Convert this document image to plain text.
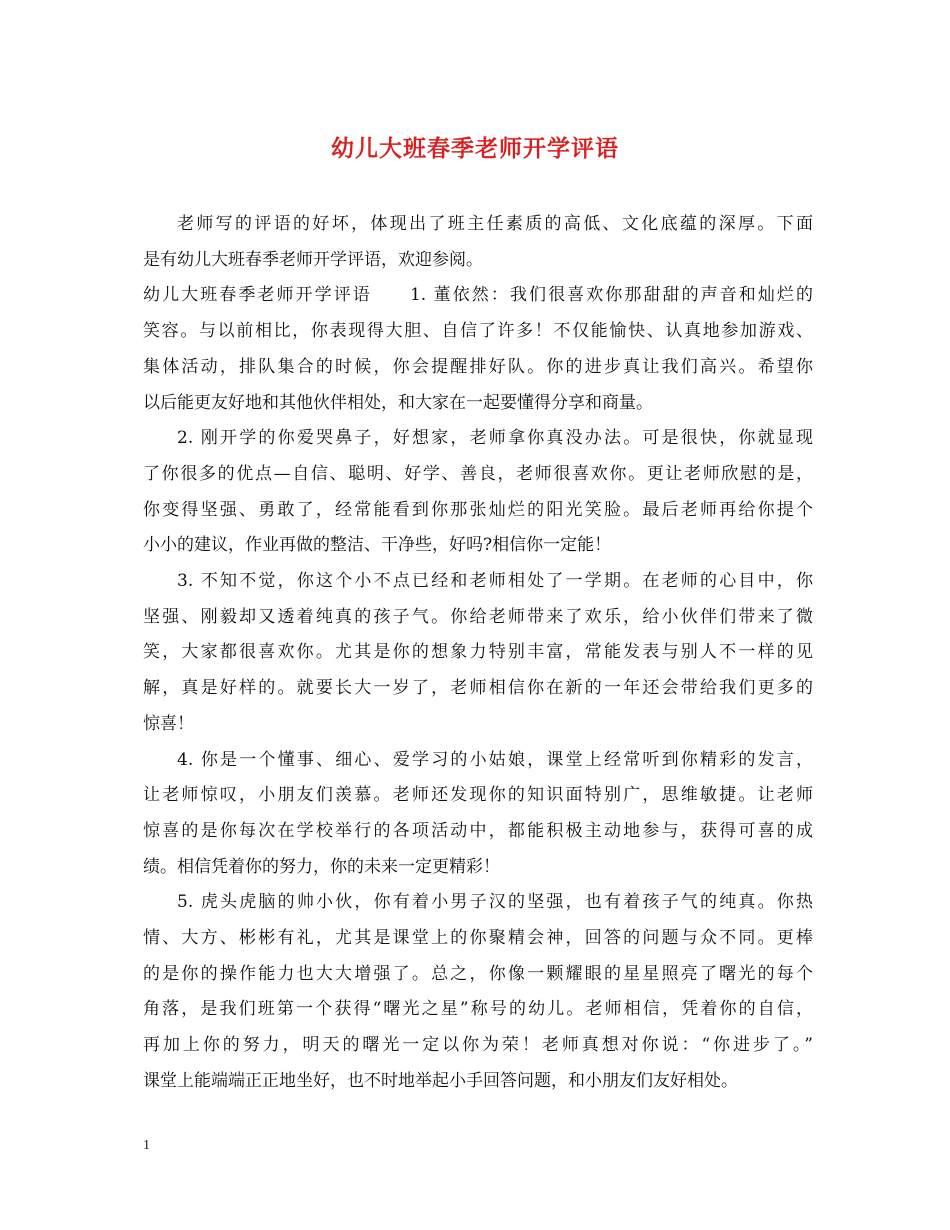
幼儿大班春季老师开学评语

老师写的评语的好坏，体现出了班主任素质的高低、文化底蕴的深厚。下面
是有幼儿大班春季老师开学评语，欢迎参阅。

幼儿大班春季老师开学评语　　1. 董依然：我们很喜欢你那甜甜的声音和灿烂的
笑容。与以前相比，你表现得大胆、自信了许多！不仅能愉快、认真地参加游戏、
集体活动，排队集合的时候，你会提醒排好队。你的进步真让我们高兴。希望你
以后能更友好地和其他伙伴相处，和大家在一起要懂得分享和商量。

2. 刚开学的你爱哭鼻子，好想家，老师拿你真没办法。可是很快，你就显现
了你很多的优点—自信、聪明、好学、善良，老师很喜欢你。更让老师欣慰的是，
你变得坚强、勇敢了，经常能看到你那张灿烂的阳光笑脸。最后老师再给你提个
小小的建议，作业再做的整洁、干净些，好吗?相信你一定能！

3. 不知不觉，你这个小不点已经和老师相处了一学期。在老师的心目中，你
坚强、刚毅却又透着纯真的孩子气。你给老师带来了欢乐，给小伙伴们带来了微
笑，大家都很喜欢你。尤其是你的想象力特别丰富，常能发表与别人不一样的见
解，真是好样的。就要长大一岁了，老师相信你在新的一年还会带给我们更多的
惊喜！

4. 你是一个懂事、细心、爱学习的小姑娘，课堂上经常听到你精彩的发言，
让老师惊叹，小朋友们羡慕。老师还发现你的知识面特别广，思维敏捷。让老师
惊喜的是你每次在学校举行的各项活动中，都能积极主动地参与，获得可喜的成
绩。相信凭着你的努力，你的未来一定更精彩！

5. 虎头虎脑的帅小伙，你有着小男子汉的坚强，也有着孩子气的纯真。你热
情、大方、彬彬有礼，尤其是课堂上的你聚精会神，回答的问题与众不同。更棒
的是你的操作能力也大大增强了。总之，你像一颗耀眼的星星照亮了曙光的每个
角落，是我们班第一个获得“曙光之星”称号的幼儿。老师相信，凭着你的自信，
再加上你的努力，明天的曙光一定以你为荣！老师真想对你说：“你进步了。”
课堂上能端端正正地坐好，也不时地举起小手回答问题，和小朋友们友好相处。

1
